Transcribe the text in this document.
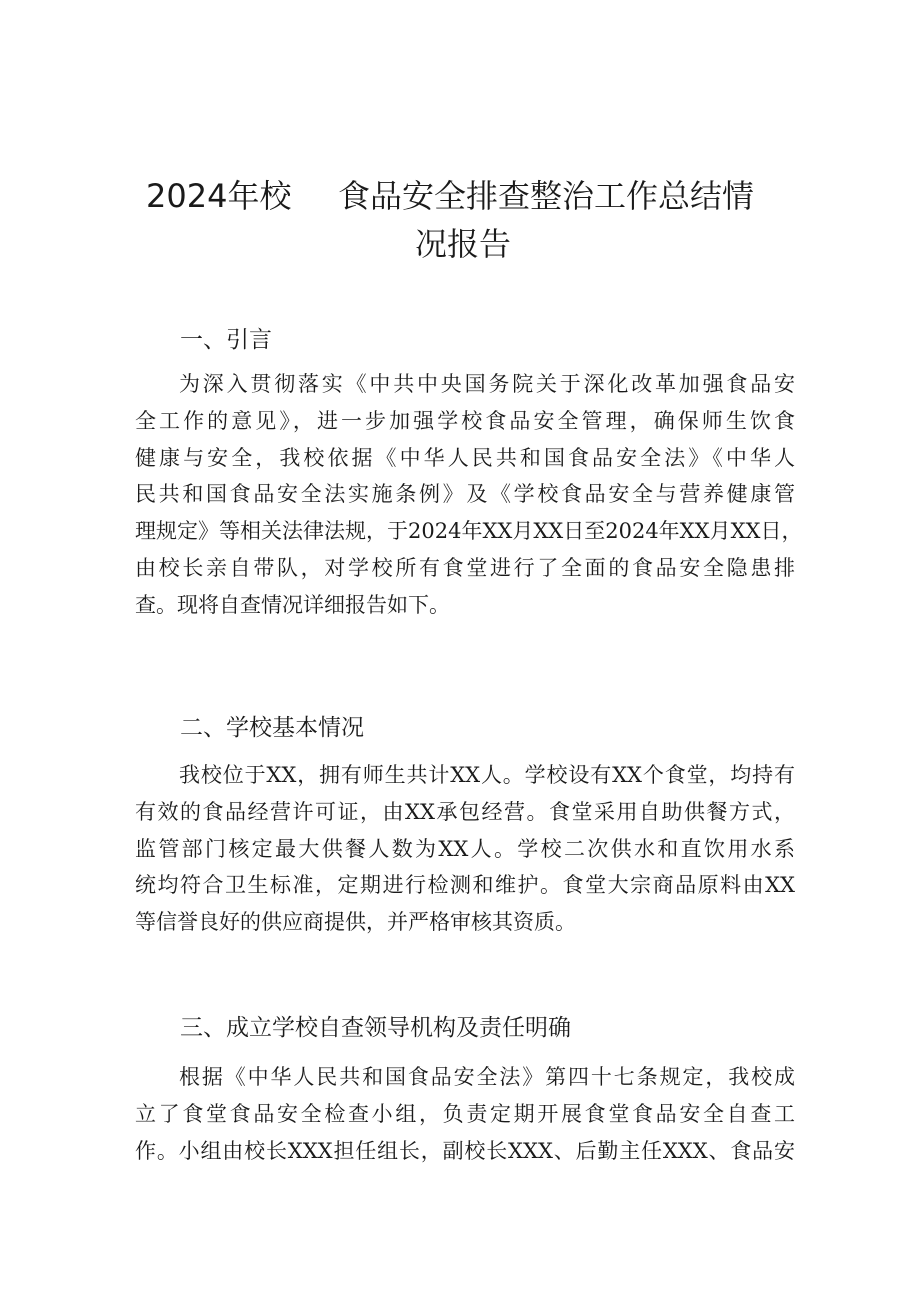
2024年校 食品安全排查整治工作总结情
况报告
一、引言
为深入贯彻落实《中共中央国务院关于深化改革加强食品安
全工作的意见》，进一步加强学校食品安全管理，确保师生饮食
健康与安全，我校依据《中华人民共和国食品安全法》《中华人
民共和国食品安全法实施条例》及《学校食品安全与营养健康管
理规定》等相关法律法规，于2024年XX月XX日至2024年XX月XX日，
由校长亲自带队，对学校所有食堂进行了全面的食品安全隐患排
查。现将自查情况详细报告如下。
二、学校基本情况
我校位于XX，拥有师生共计XX人。学校设有XX个食堂，均持有
有效的食品经营许可证，由XX承包经营。食堂采用自助供餐方式，
监管部门核定最大供餐人数为XX人。学校二次供水和直饮用水系
统均符合卫生标准，定期进行检测和维护。食堂大宗商品原料由XX
等信誉良好的供应商提供，并严格审核其资质。
三、成立学校自查领导机构及责任明确
根据《中华人民共和国食品安全法》第四十七条规定，我校成
立了食堂食品安全检查小组，负责定期开展食堂食品安全自查工
作。小组由校长XXX担任组长，副校长XXX、后勤主任XXX、食品安
